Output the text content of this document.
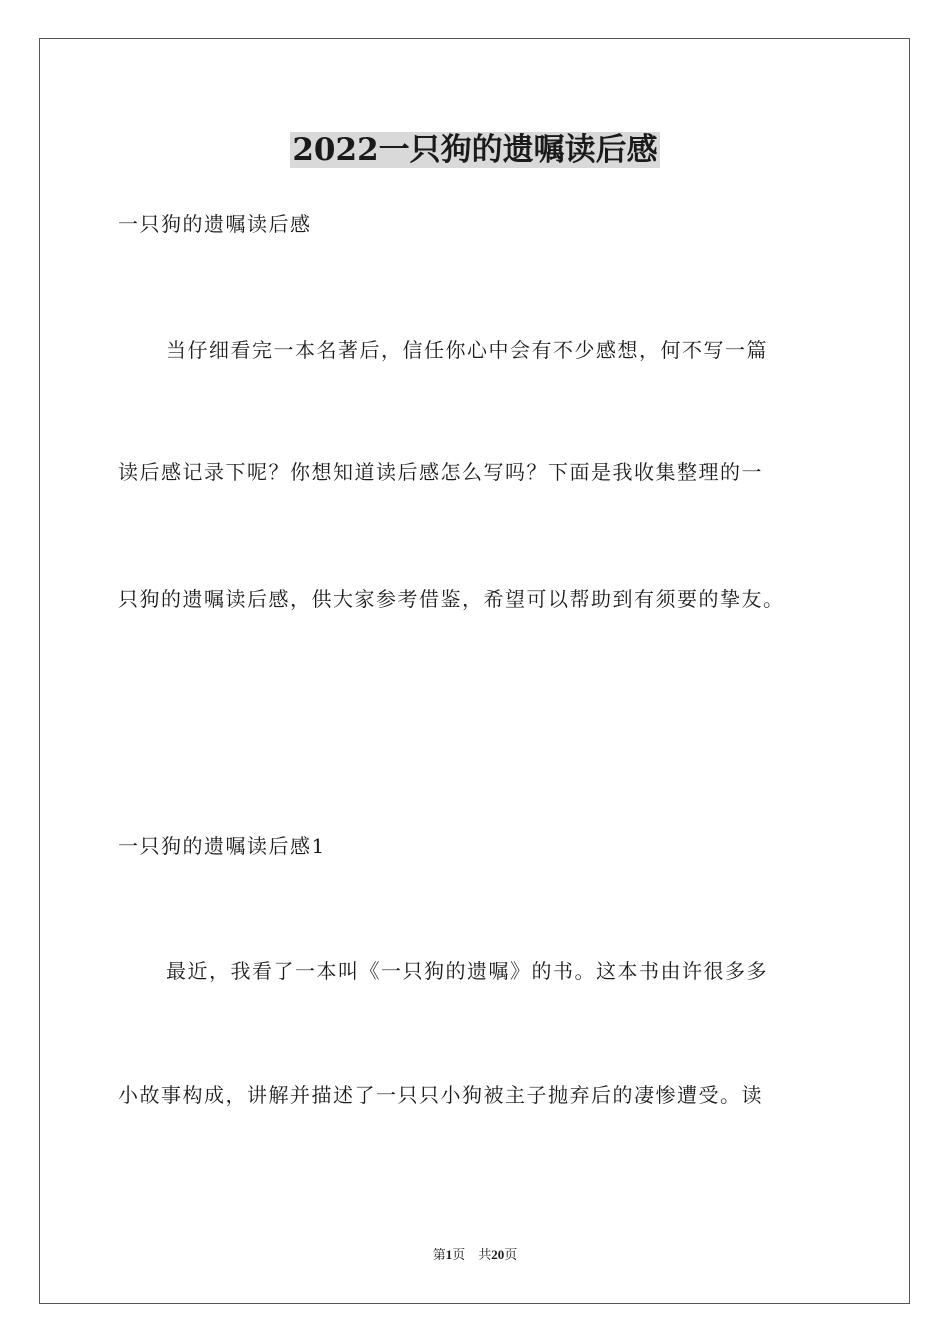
2022一只狗的遗嘱读后感
一只狗的遗嘱读后感
当仔细看完一本名著后，信任你心中会有不少感想，何不写一篇
读后感记录下呢？你想知道读后感怎么写吗？下面是我收集整理的一
只狗的遗嘱读后感，供大家参考借鉴，希望可以帮助到有须要的挚友。
一只狗的遗嘱读后感1
最近，我看了一本叫《一只狗的遗嘱》的书。这本书由许很多多
小故事构成，讲解并描述了一只只小狗被主子抛弃后的凄惨遭受。读
第1页 共20页
